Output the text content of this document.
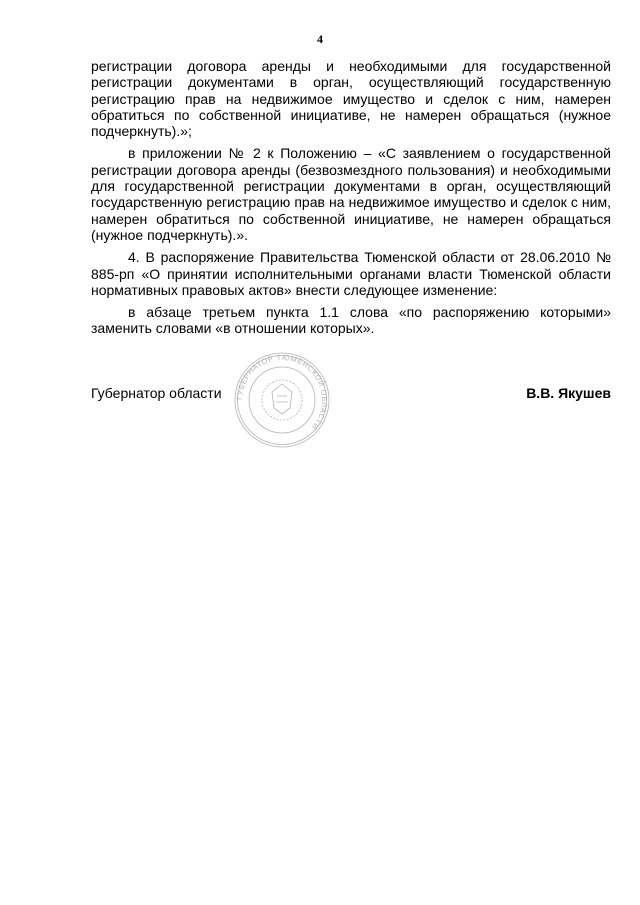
4

регистрации договора аренды и необходимыми для государственной регистрации документами в орган, осуществляющий государственную регистрацию прав на недвижимое имущество и сделок с ним, намерен обратиться по собственной инициативе, не намерен обращаться (нужное подчеркнуть).»;

в приложении № 2 к Положению – «С заявлением о государственной регистрации договора аренды (безвозмездного пользования) и необходимыми для государственной регистрации документами в орган, осуществляющий государственную регистрацию прав на недвижимое имущество и сделок с ним, намерен обратиться по собственной инициативе, не намерен обращаться (нужное подчеркнуть).».

4. В распоряжение Правительства Тюменской области от 28.06.2010 № 885-рп «О принятии исполнительными органами власти Тюменской области нормативных правовых актов» внести следующее изменение:

в абзаце третьем пункта 1.1 слова «по распоряжению которыми» заменить словами «в отношении которых».

ГУБЕРНАТОР ТЮМЕНСКОЙ ОБЛАСТИ
Губернатор области	В.В. Якушев
